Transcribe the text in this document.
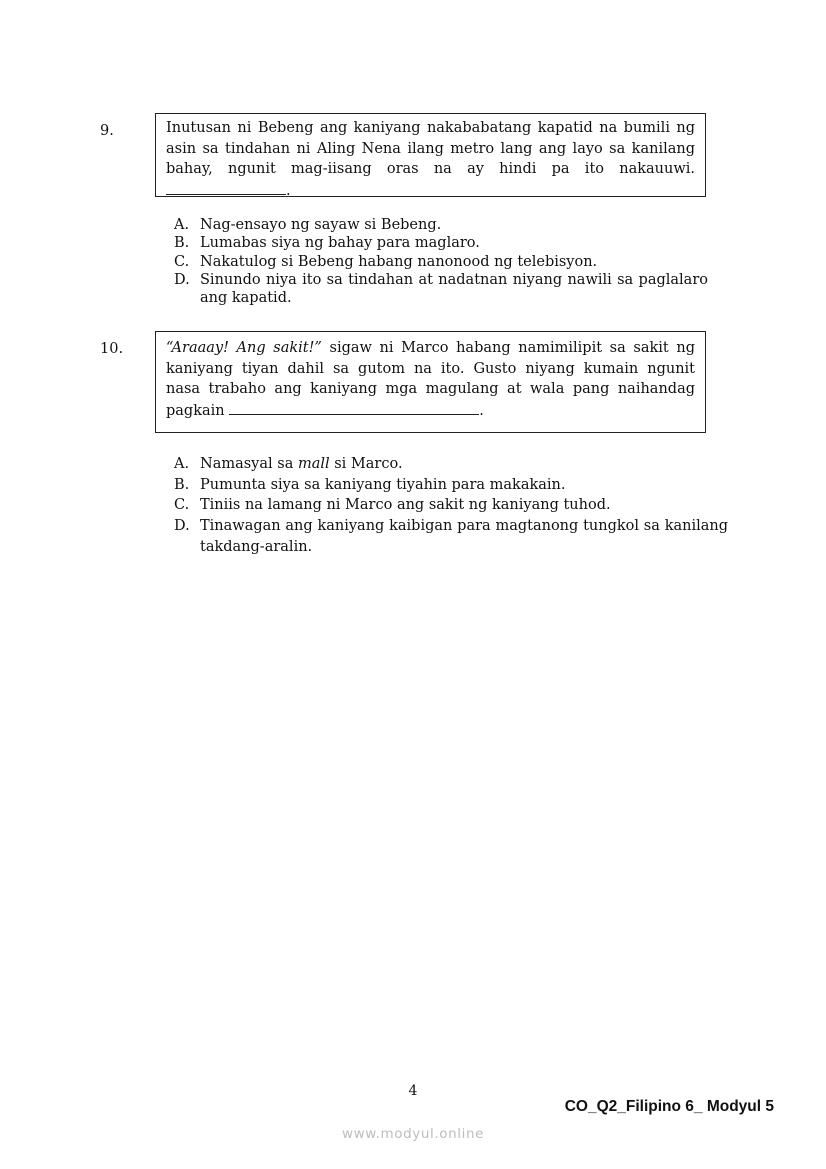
9.	Inutusan ni Bebeng ang kaniyang nakababatang kapatid na bumili ng
asin sa tindahan ni Aling Nena ilang metro lang ang layo sa kanilang
bahay, ngunit mag-iisang oras na ay hindi pa ito nakauuwi.
.
A. Nag-ensayo ng sayaw si Bebeng.
B. Lumabas siya ng bahay para maglaro.
C. Nakatulog si Bebeng habang nanonood ng telebisyon.
D. Sinundo niya ito sa tindahan at nadatnan niyang nawili sa paglalaro ang kapatid.
10.	“Araaay! Ang sakit!” sigaw ni Marco habang namimilipit sa sakit ng
kaniyang tiyan dahil sa gutom na ito. Gusto niyang kumain ngunit
nasa trabaho ang kaniyang mga magulang at wala pang naihandag
pagkain	.
A. Namasyal sa mall si Marco.
B. Pumunta siya sa kaniyang tiyahin para makakain.
C. Tiniis na lamang ni Marco ang sakit ng kaniyang tuhod.
D. Tinawagan ang kaniyang kaibigan para magtanong tungkol sa kanilang takdang-aralin.
4
CO_Q2_Filipino 6_ Modyul 5
www.modyul.online
